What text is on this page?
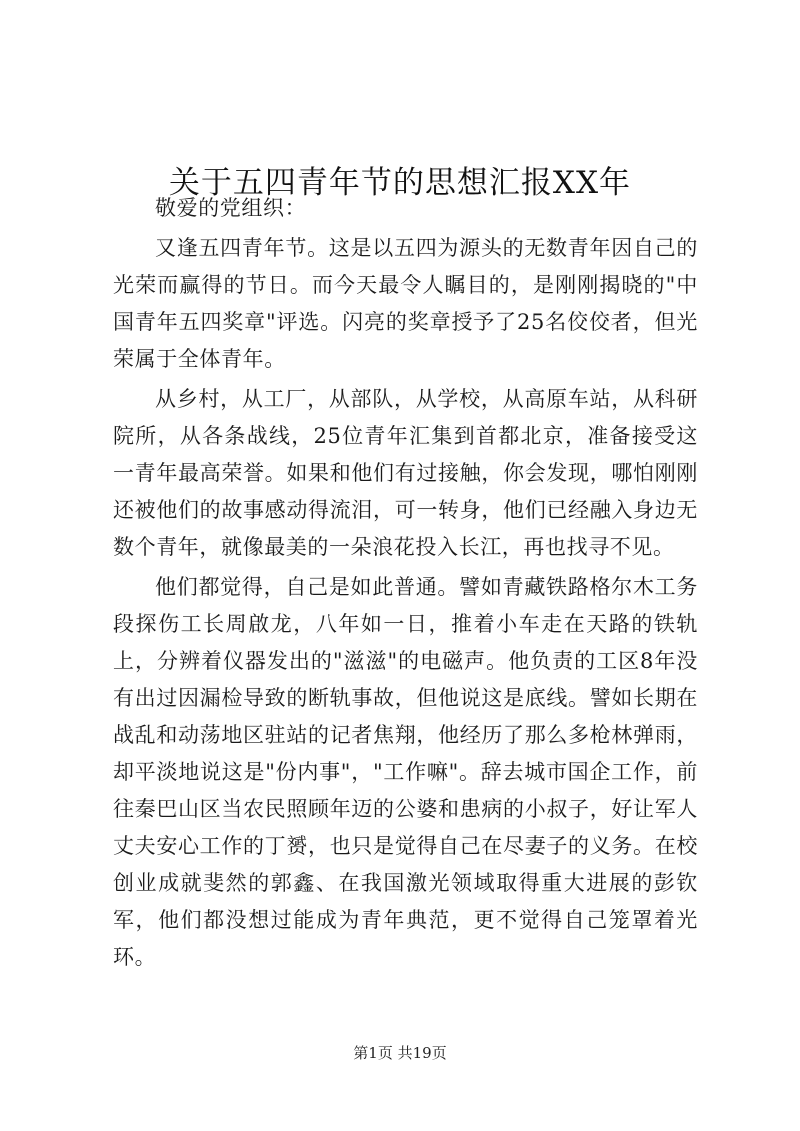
关于五四青年节的思想汇报XX年

敬爱的党组织：

又逢五四青年节。这是以五四为源头的无数青年因自己的光荣而赢得的节日。而今天最令人瞩目的，是刚刚揭晓的"中国青年五四奖章"评选。闪亮的奖章授予了25名佼佼者，但光荣属于全体青年。

从乡村，从工厂，从部队，从学校，从高原车站，从科研院所，从各条战线，25位青年汇集到首都北京，准备接受这一青年最高荣誉。如果和他们有过接触，你会发现，哪怕刚刚还被他们的故事感动得流泪，可一转身，他们已经融入身边无数个青年，就像最美的一朵浪花投入长江，再也找寻不见。

他们都觉得，自己是如此普通。譬如青藏铁路格尔木工务段探伤工长周啟龙，八年如一日，推着小车走在天路的铁轨上，分辨着仪器发出的"滋滋"的电磁声。他负责的工区8年没有出过因漏检导致的断轨事故，但他说这是底线。譬如长期在战乱和动荡地区驻站的记者焦翔，他经历了那么多枪林弹雨，却平淡地说这是"份内事"，"工作嘛"。辞去城市国企工作，前往秦巴山区当农民照顾年迈的公婆和患病的小叔子，好让军人丈夫安心工作的丁赟，也只是觉得自己在尽妻子的义务。在校创业成就斐然的郭鑫、在我国激光领域取得重大进展的彭钦军，他们都没想过能成为青年典范，更不觉得自己笼罩着光环。

第1页 共19页
